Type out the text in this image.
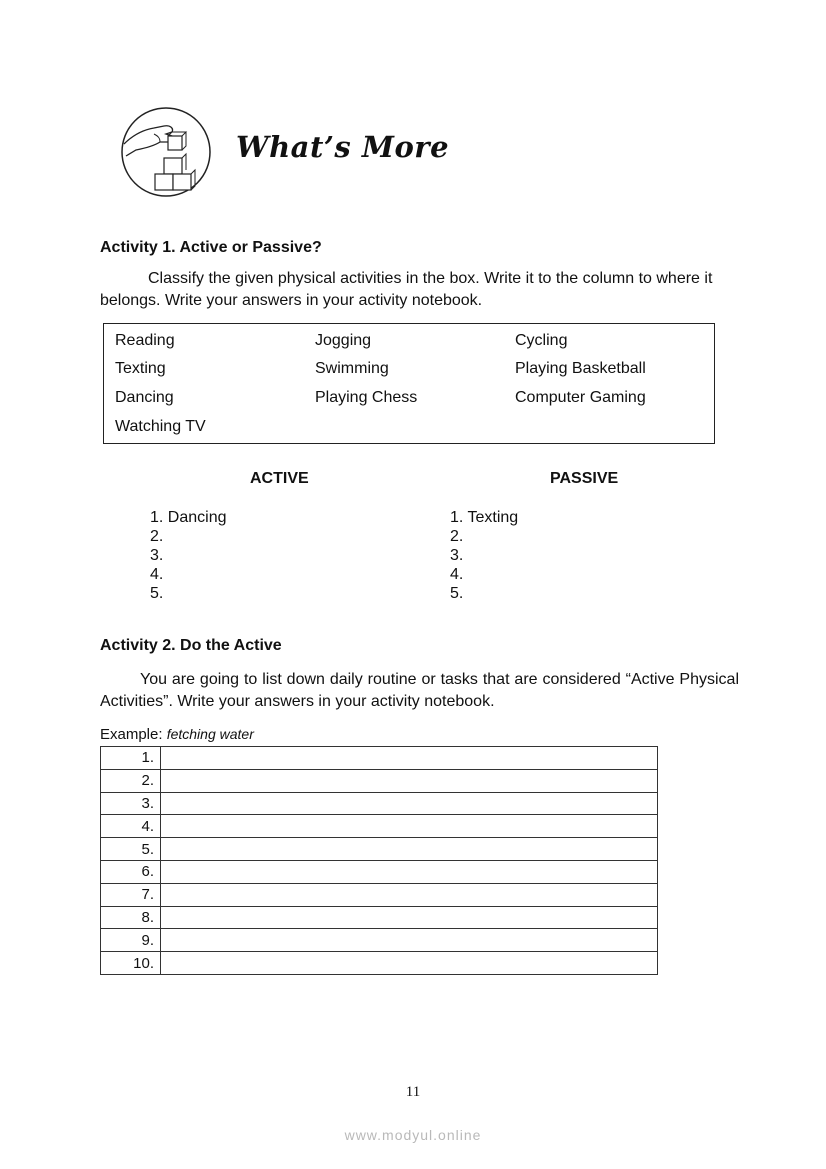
What’s More
Activity 1. Active or Passive?
Classify the given physical activities in the box. Write it to the column to where it belongs. Write your answers in your activity notebook.
Reading	Jogging	Cycling
Texting	Swimming	Playing Basketball
Dancing	Playing Chess	Computer Gaming
Watching TV
ACTIVE	PASSIVE
1. Dancing
2.
3.
4.
5.
1. Texting
2.
3.
4.
5.
Activity 2. Do the Active
You are going to list down daily routine or tasks that are considered “Active Physical Activities”. Write your answers in your activity notebook.
Example: fetching water
1.	
2.	
3.	
4.	
5.	
6.	
7.	
8.	
9.	
10.	
11
www.modyul.online
